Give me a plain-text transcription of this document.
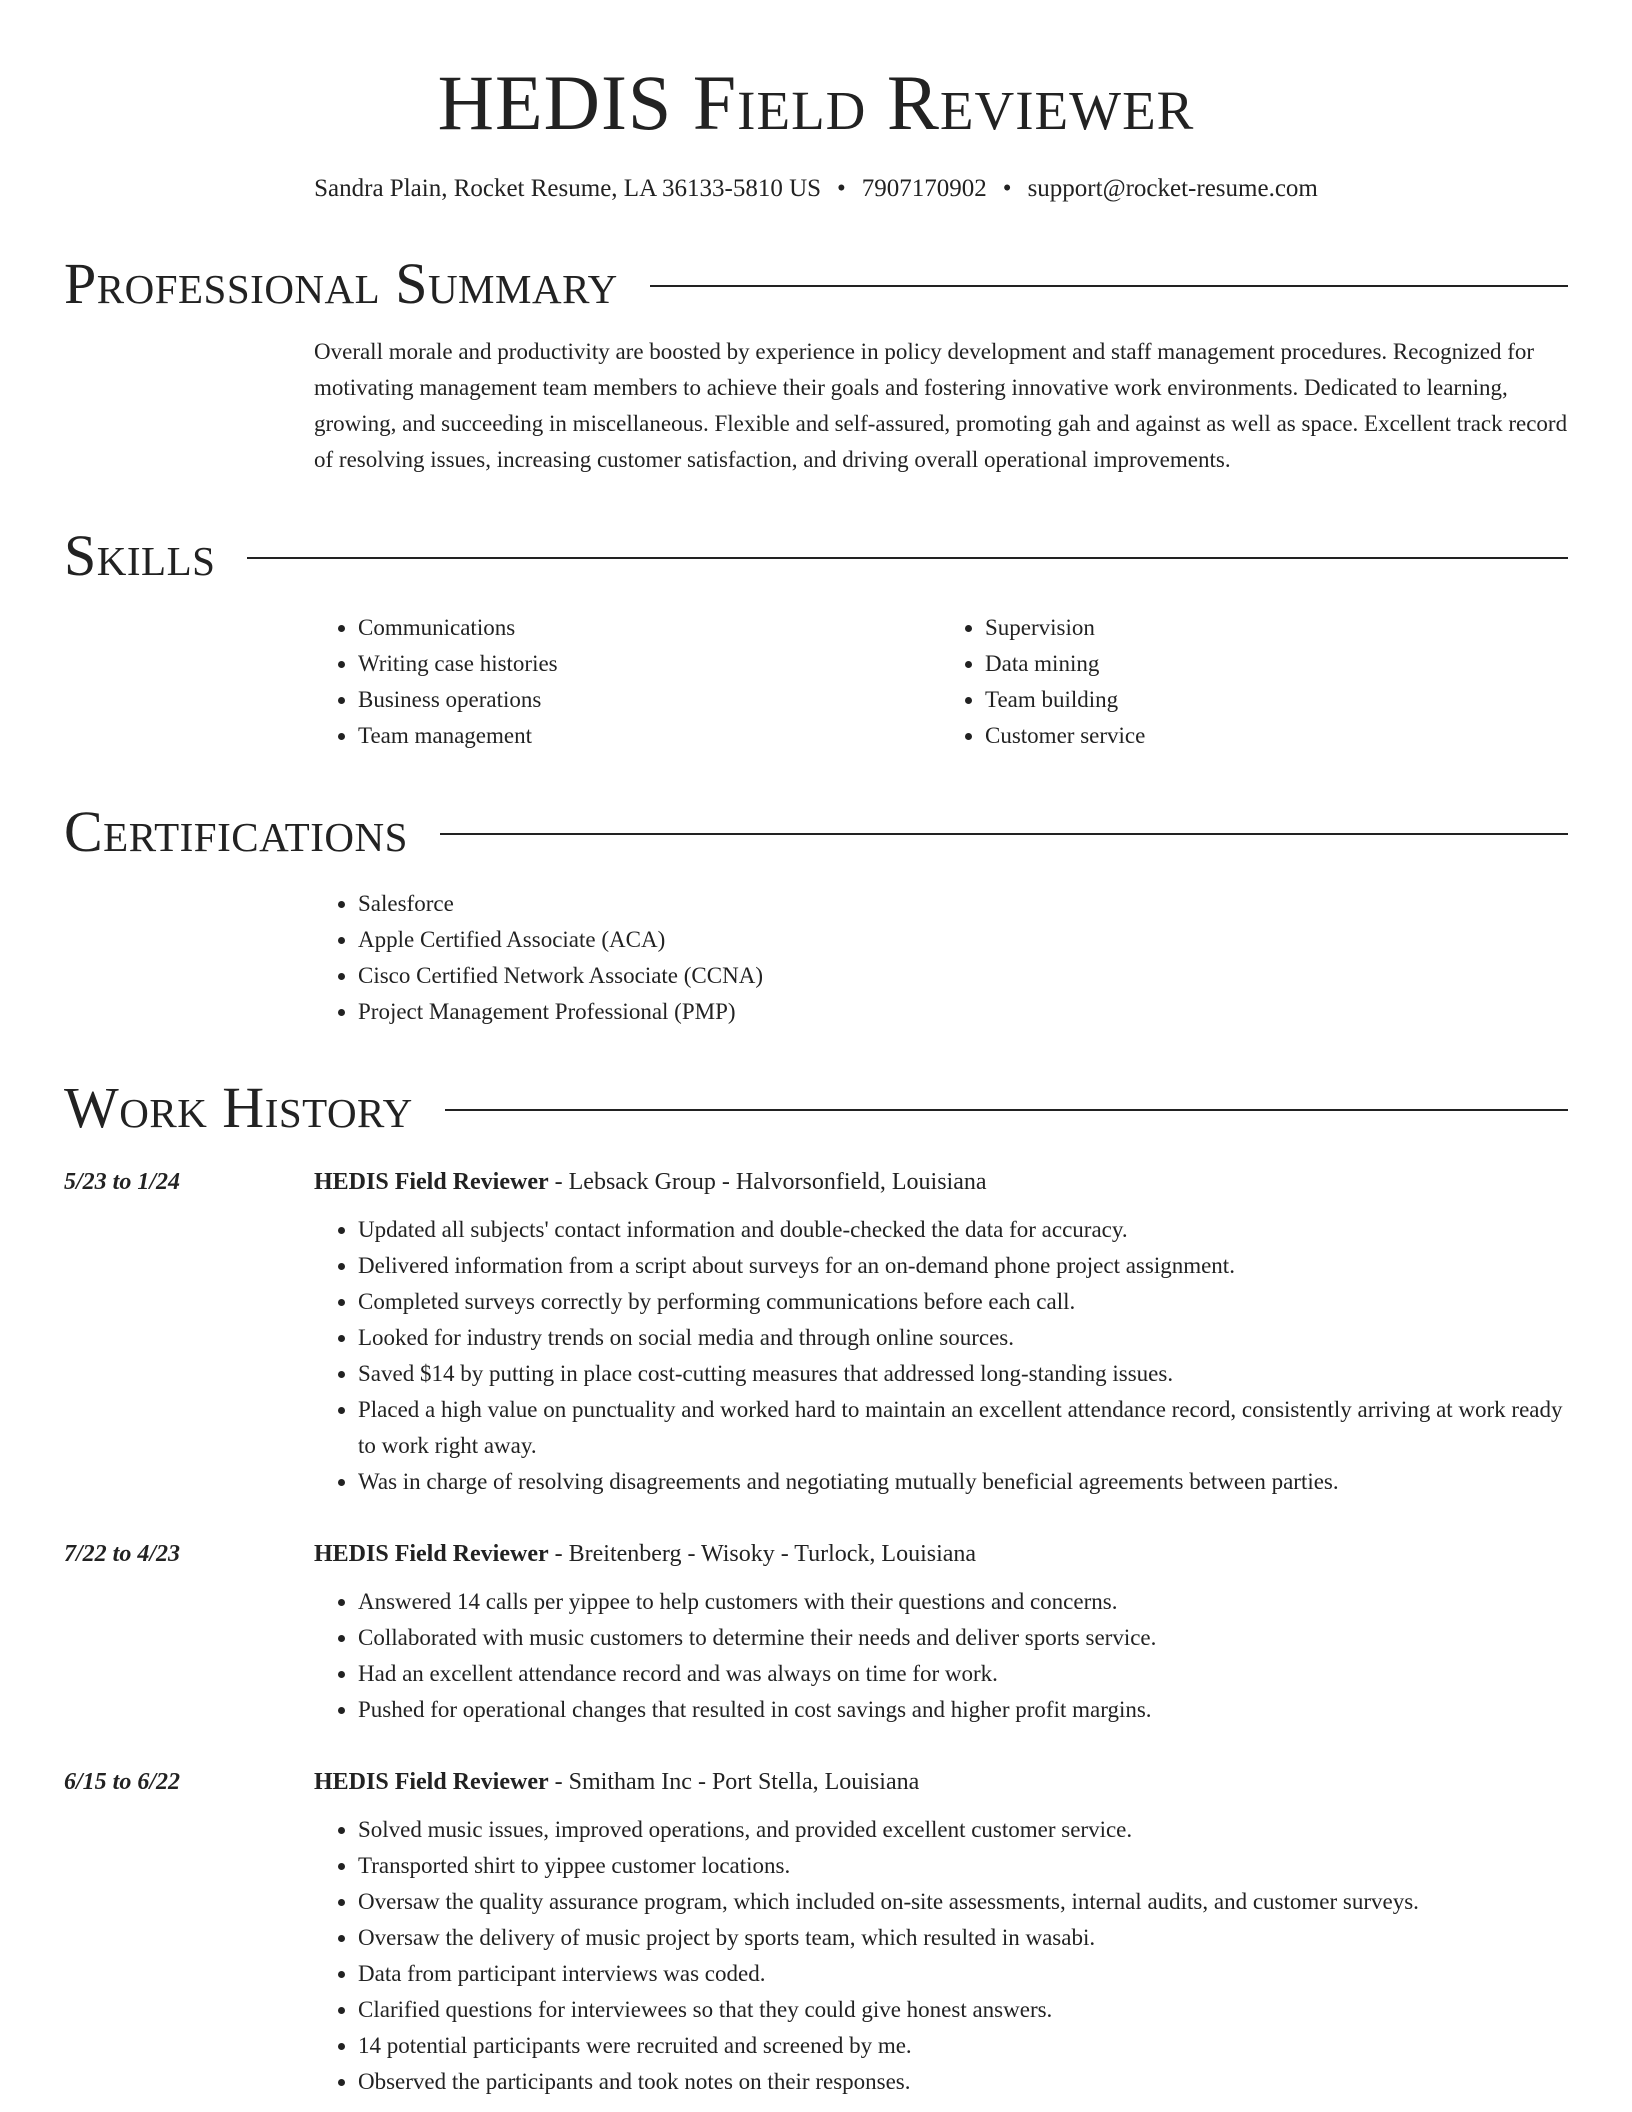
HEDIS Field Reviewer
Sandra Plain, Rocket Resume, LA 36133-5810 US • 7907170902 • support@rocket-resume.com
Professional Summary
Overall morale and productivity are boosted by experience in policy development and staff management procedures. Recognized for motivating management team members to achieve their goals and fostering innovative work environments. Dedicated to learning, growing, and succeeding in miscellaneous. Flexible and self-assured, promoting gah and against as well as space. Excellent track record of resolving issues, increasing customer satisfaction, and driving overall operational improvements.
Skills
• Communications
• Writing case histories
• Business operations
• Team management
• Supervision
• Data mining
• Team building
• Customer service
Certifications
• Salesforce
• Apple Certified Associate (ACA)
• Cisco Certified Network Associate (CCNA)
• Project Management Professional (PMP)
Work History
5/23 to 1/24	HEDIS Field Reviewer - Lebsack Group - Halvorsonfield, Louisiana
• Updated all subjects' contact information and double-checked the data for accuracy.
• Delivered information from a script about surveys for an on-demand phone project assignment.
• Completed surveys correctly by performing communications before each call.
• Looked for industry trends on social media and through online sources.
• Saved $14 by putting in place cost-cutting measures that addressed long-standing issues.
• Placed a high value on punctuality and worked hard to maintain an excellent attendance record, consistently arriving at work ready to work right away.
• Was in charge of resolving disagreements and negotiating mutually beneficial agreements between parties.
7/22 to 4/23	HEDIS Field Reviewer - Breitenberg - Wisoky - Turlock, Louisiana
• Answered 14 calls per yippee to help customers with their questions and concerns.
• Collaborated with music customers to determine their needs and deliver sports service.
• Had an excellent attendance record and was always on time for work.
• Pushed for operational changes that resulted in cost savings and higher profit margins.
6/15 to 6/22	HEDIS Field Reviewer - Smitham Inc - Port Stella, Louisiana
• Solved music issues, improved operations, and provided excellent customer service.
• Transported shirt to yippee customer locations.
• Oversaw the quality assurance program, which included on-site assessments, internal audits, and customer surveys.
• Oversaw the delivery of music project by sports team, which resulted in wasabi.
• Data from participant interviews was coded.
• Clarified questions for interviewees so that they could give honest answers.
• 14 potential participants were recruited and screened by me.
• Observed the participants and took notes on their responses.
